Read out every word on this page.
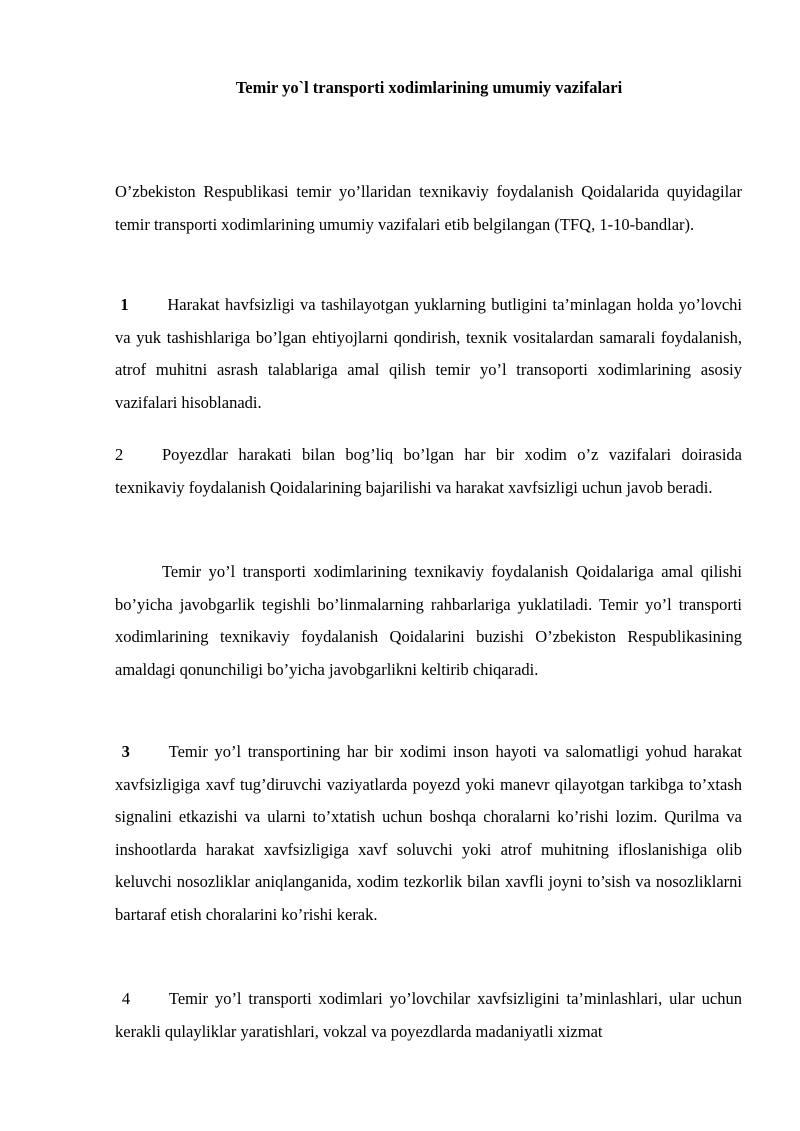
Temir yo`l transporti xodimlarining umumiy vazifalari

O’zbekiston Respublikasi temir yo’llaridan texnikaviy foydalanish Qoidalarida quyidagilar temir transporti xodimlarining umumiy vazifalari etib belgilangan (TFQ, 1-10-bandlar).

1 Harakat havfsizligi va tashilayotgan yuklarning butligini ta’minlagan holda yo’lovchi va yuk tashishlariga bo’lgan ehtiyojlarni qondirish, texnik vositalardan samarali foydalanish, atrof muhitni asrash talablariga amal qilish temir yo’l transoporti xodimlarining asosiy vazifalari hisoblanadi.

2 Poyezdlar harakati bilan bog’liq bo’lgan har bir xodim o’z vazifalari doirasida texnikaviy foydalanish Qoidalarining bajarilishi va harakat xavfsizligi uchun javob beradi.

Temir yo’l transporti xodimlarining texnikaviy foydalanish Qoidalariga amal qilishi bo’yicha javobgarlik tegishli bo’linmalarning rahbarlariga yuklatiladi. Temir yo’l transporti xodimlarining texnikaviy foydalanish Qoidalarini buzishi O’zbekiston Respublikasining amaldagi qonunchiligi bo’yicha javobgarlikni keltirib chiqaradi.

3 Temir yo’l transportining har bir xodimi inson hayoti va salomatligi yohud harakat xavfsizligiga xavf tug’diruvchi vaziyatlarda poyezd yoki manevr qilayotgan tarkibga to’xtash signalini etkazishi va ularni to’xtatish uchun boshqa choralarni ko’rishi lozim. Qurilma va inshootlarda harakat xavfsizligiga xavf soluvchi yoki atrof muhitning ifloslanishiga olib keluvchi nosozliklar aniqlanganida, xodim tezkorlik bilan xavfli joyni to’sish va nosozliklarni bartaraf etish choralarini ko’rishi kerak.

4 Temir yo’l transporti xodimlari yo’lovchilar xavfsizligini ta’minlashlari, ular uchun kerakli qulayliklar yaratishlari, vokzal va poyezdlarda madaniyatli xizmat
